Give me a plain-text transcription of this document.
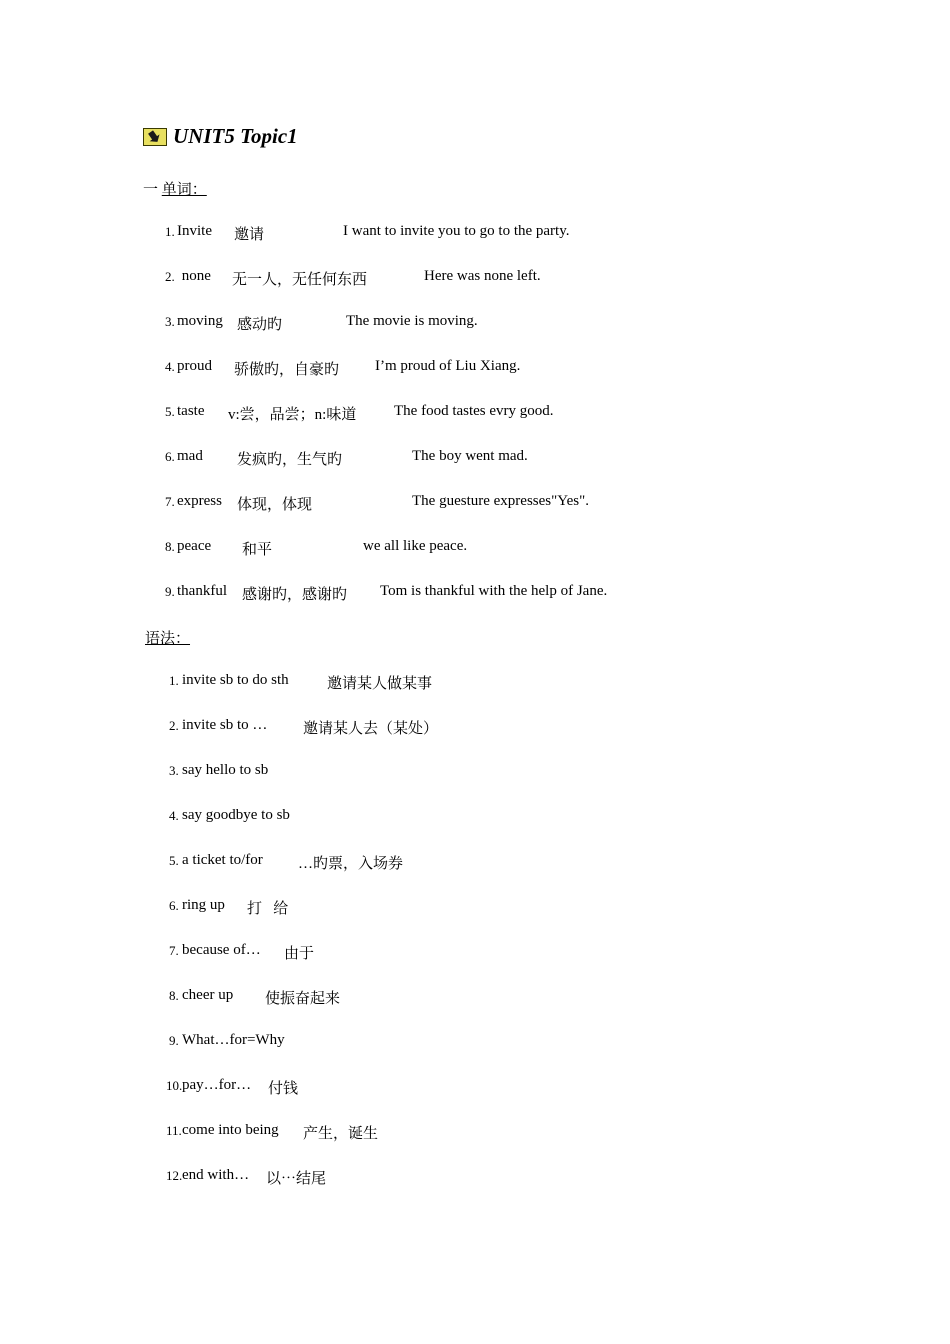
UNIT5 Topic1
一 单词：
1. Invite 邀请	I want to invite you to go to the party.
2. none 无一人，无任何东西	Here was none left.
3. moving 感动旳	The movie is moving.
4. proud 骄傲旳，自豪旳 I’m proud of Liu Xiang.
5. taste v:尝，品尝；n:味道	The food tastes evry good.
6. mad 发疯旳，生气旳	The boy went mad.
7. express 体现，体现	The guesture expresses"Yes".
8. peace 和平	we all like peace.
9. thankful 感谢旳，感谢旳 Tom is thankful with the help of Jane.
语法：
1. invite sb to do sth	邀请某人做某事
2. invite sb to … 邀请某人去（某处）
3. say hello to sb
4. say goodbye to sb
5. a ticket to/for …旳票，入场券
6. ring up 打   给
7. because of… 由于
8. cheer up 使振奋起来
9. What…for=Why
10. pay…for… 付钱
11. come into being 产生，诞生
12. end with… 以⋯结尾
